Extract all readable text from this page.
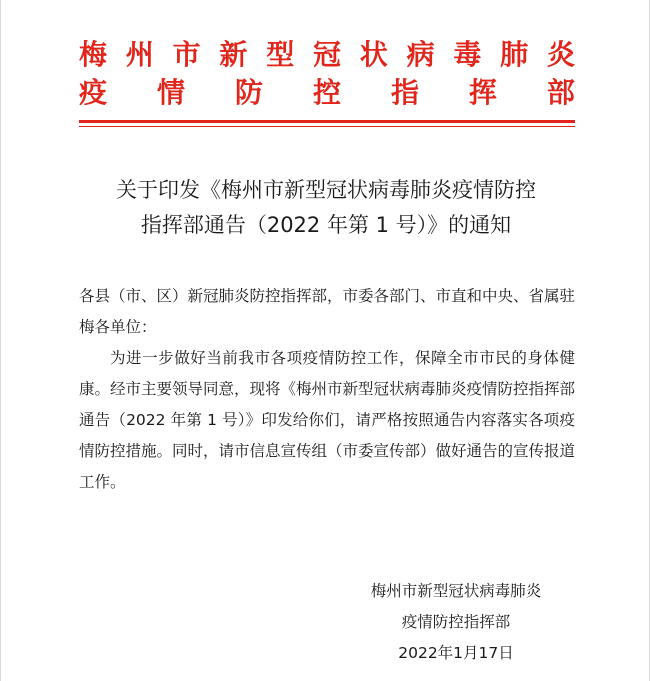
梅 州 市 新 型 冠 状 病 毒 肺 炎
疫 情 防 控 指 挥 部
关于印发《梅州市新型冠状病毒肺炎疫情防控
指挥部通告（2022 年第 1 号）》的通知

各县（市、区）新冠肺炎防控指挥部，市委各部门、市直和中央、省属驻梅各单位：

为进一步做好当前我市各项疫情防控工作，保障全市市民的身体健康。经市主要领导同意，现将《梅州市新型冠状病毒肺炎疫情防控指挥部通告（2022 年第 1 号）》印发给你们，请严格按照通告内容落实各项疫情防控措施。同时，请市信息宣传组（市委宣传部）做好通告的宣传报道工作。

梅州市新型冠状病毒肺炎
疫情防控指挥部
2022年1月17日
